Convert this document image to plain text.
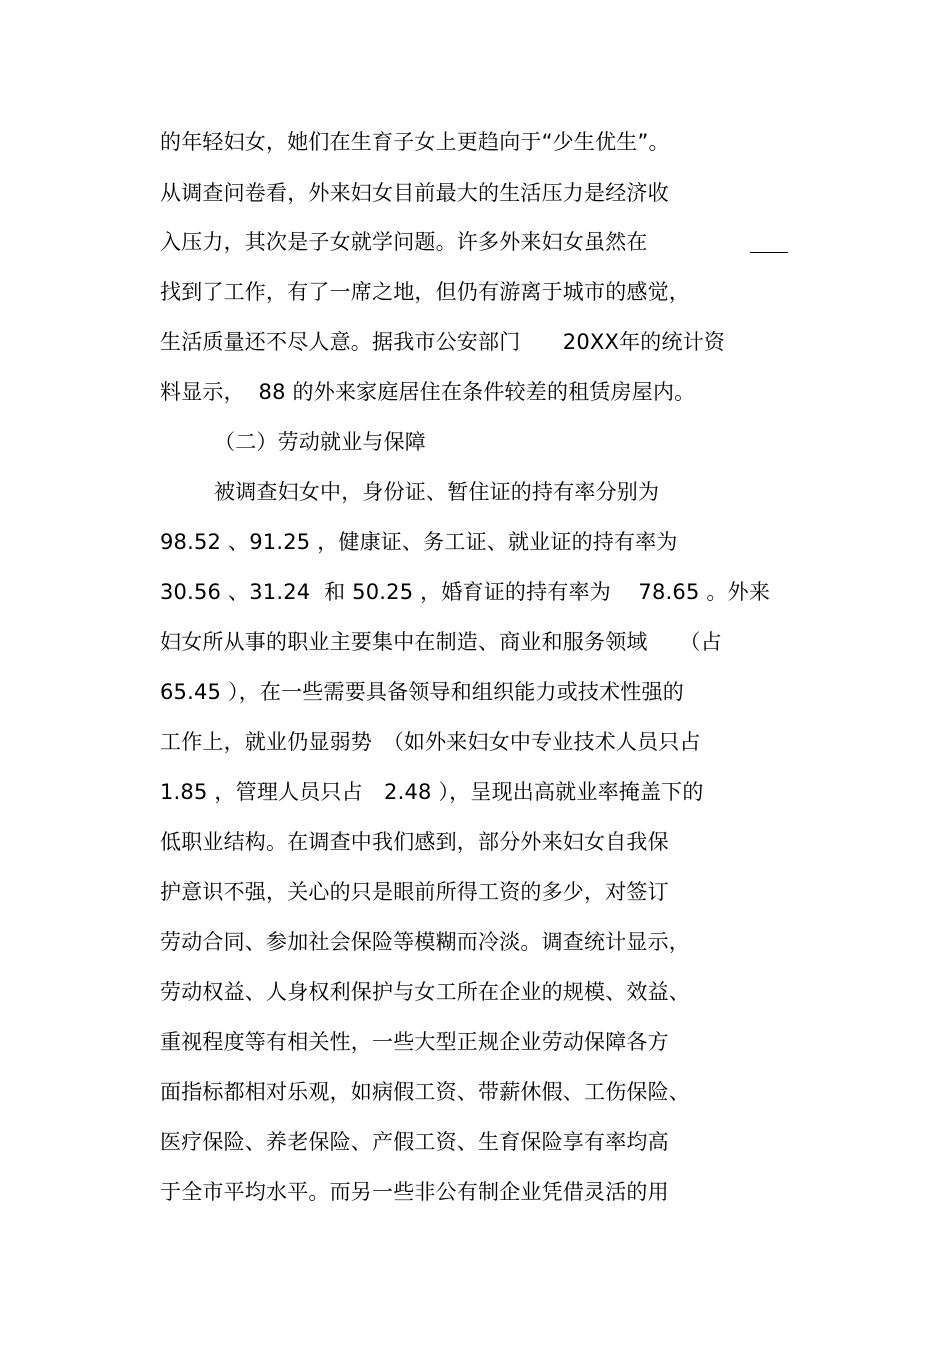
的年轻妇女，她们在生育子女上更趋向于“少生优生”。
从调查问卷看，外来妇女目前最大的生活压力是经济收
入压力，其次是子女就学问题。许多外来妇女虽然在
找到了工作，有了一席之地，但仍有游离于城市的感觉，
生活质量还不尽人意。据我市公安部门　　20XX年的统计资
料显示，  88 的外来家庭居住在条件较差的租赁房屋内。
（二）劳动就业与保障
被调查妇女中，身份证、暂住证的持有率分别为
98.52 、91.25 ，健康证、务工证、就业证的持有率为
30.56 、31.24  和 50.25 ，婚育证的持有率为    78.65 。外来
妇女所从事的职业主要集中在制造、商业和服务领域　　（占
65.45 ），在一些需要具备领导和组织能力或技术性强的
工作上，就业仍显弱势　（如外来妇女中专业技术人员只占
1.85 ，管理人员只占　2.48 ），呈现出高就业率掩盖下的
低职业结构。在调查中我们感到，部分外来妇女自我保
护意识不强，关心的只是眼前所得工资的多少，对签订
劳动合同、参加社会保险等模糊而冷淡。调查统计显示，
劳动权益、人身权利保护与女工所在企业的规模、效益、
重视程度等有相关性，一些大型正规企业劳动保障各方
面指标都相对乐观，如病假工资、带薪休假、工伤保险、
医疗保险、养老保险、产假工资、生育保险享有率均高
于全市平均水平。而另一些非公有制企业凭借灵活的用
